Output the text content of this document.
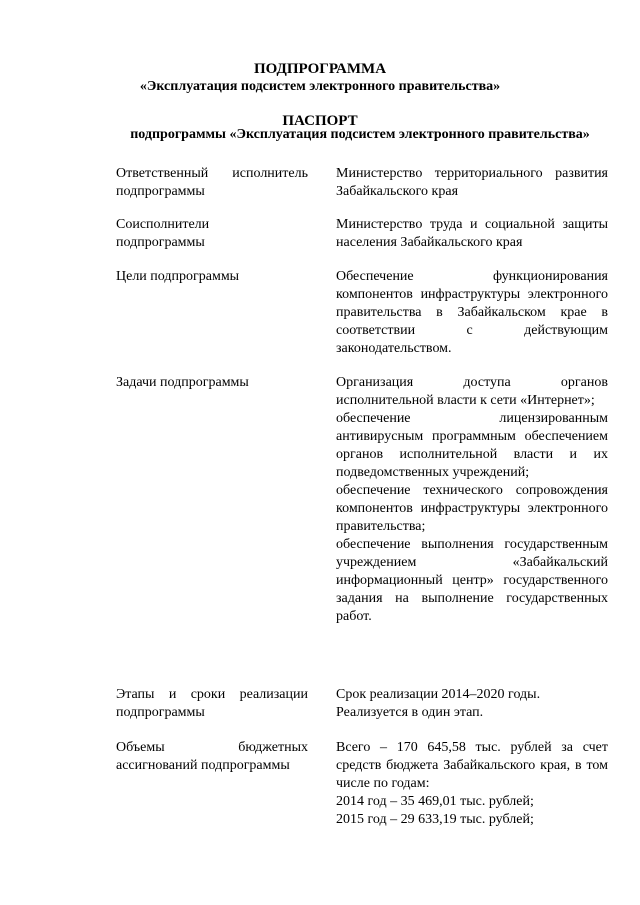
ПОДПРОГРАММА
«Эксплуатация подсистем электронного правительства»
ПАСПОРТ
подпрограммы «Эксплуатация подсистем электронного правительства»
Ответственный исполнитель подпрограммы
Министерство территориального развития Забайкальского края
Соисполнители подпрограммы
Министерство труда и социальной защиты населения Забайкальского края
Цели подпрограммы	Обеспечение функционирования компонентов инфраструктуры электронного правительства в Забайкальском крае в соответствии с действующим законодательством.
Задачи подпрограммы	Организация доступа органов исполнительной власти к сети «Интернет»;
обеспечение лицензированным антивирусным программным обеспечением органов исполнительной власти и их подведомственных учреждений;
обеспечение технического сопровождения компонентов инфраструктуры электронного правительства;
обеспечение выполнения государственным учреждением «Забайкальский информационный центр» государственного задания на выполнение государственных работ.
Этапы и сроки реализации подпрограммы
Срок реализации 2014–2020 годы.
Реализуется в один этап.
Объемы бюджетных ассигнований подпрограммы
Всего – 170 645,58 тыс. рублей за счет средств бюджета Забайкальского края, в том числе по годам:
2014 год – 35 469,01 тыс. рублей;
2015 год – 29 633,19 тыс. рублей;
